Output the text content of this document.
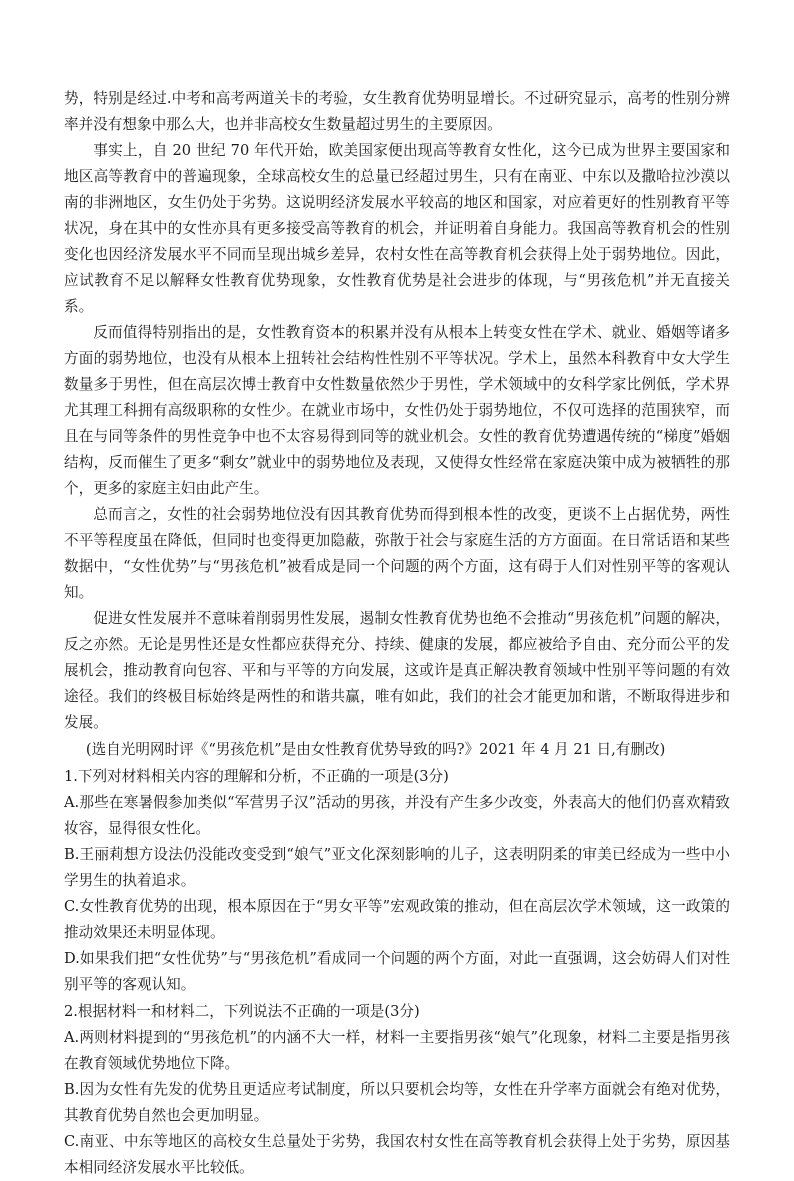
势，特别是经过.中考和高考两道关卡的考验，女生教育优势明显增长。不过研究显示，高考的性别分辨率并没有想象中那么大，也并非高校女生数量超过男生的主要原因。

事实上，自 20 世纪 70 年代开始，欧美国家便出现高等教育女性化，这今已成为世界主要国家和地区高等教育中的普遍现象，全球高校女生的总量已经超过男生，只有在南亚、中东以及撒哈拉沙漠以南的非洲地区，女生仍处于劣势。这说明经济发展水平较高的地区和国家，对应着更好的性别教育平等状况，身在其中的女性亦具有更多接受高等教育的机会，并证明着自身能力。我国高等教育机会的性别变化也因经济发展水平不同而呈现出城乡差异，农村女性在高等教育机会获得上处于弱势地位。因此，应试教育不足以解释女性教育优势现象，女性教育优势是社会进步的体现，与“男孩危机”并无直接关系。

反而值得特别指出的是，女性教育资本的积累并没有从根本上转变女性在学术、就业、婚姻等诸多方面的弱势地位，也没有从根本上扭转社会结构性性别不平等状况。学术上，虽然本科教育中女大学生数量多于男性，但在高层次博士教育中女性数量依然少于男性，学术领域中的女科学家比例低，学术界尤其理工科拥有高级职称的女性少。在就业市场中，女性仍处于弱势地位，不仅可选择的范围狭窄，而且在与同等条件的男性竞争中也不太容易得到同等的就业机会。女性的教育优势遭遇传统的“梯度”婚姻结构，反而催生了更多“剩女”就业中的弱势地位及表现，又使得女性经常在家庭决策中成为被牺牲的那个，更多的家庭主妇由此产生。

总而言之，女性的社会弱势地位没有因其教育优势而得到根本性的改变，更谈不上占据优势，两性不平等程度虽在降低，但同时也变得更加隐蔽，弥散于社会与家庭生活的方方面面。在日常话语和某些数据中，“女性优势”与“男孩危机”被看成是同一个问题的两个方面，这有碍于人们对性别平等的客观认知。

促进女性发展并不意味着削弱男性发展，遏制女性教育优势也绝不会推动“男孩危机”问题的解决，反之亦然。无论是男性还是女性都应获得充分、持续、健康的发展，都应被给予自由、充分而公平的发展机会，推动教育向包容、平和与平等的方向发展，这或许是真正解决教育领域中性别平等问题的有效途径。我们的终极目标始终是两性的和谐共赢，唯有如此，我们的社会才能更加和谐，不断取得进步和发展。

(选自光明网时评《“男孩危机”是由女性教育优势导致的吗?》2021 年 4 月 21 日,有删改)

1.下列对材料相关内容的理解和分析，不正确的一项是(3分)

A.那些在寒暑假参加类似“军营男子汉”活动的男孩，并没有产生多少改变，外表高大的他们仍喜欢精致妆容，显得很女性化。

B.王丽莉想方设法仍没能改变受到“娘气”亚文化深刻影响的儿子，这表明阴柔的审美已经成为一些中小学男生的执着追求。

C.女性教育优势的出现，根本原因在于“男女平等”宏观政策的推动，但在高层次学术领域，这一政策的推动效果还未明显体现。

D.如果我们把“女性优势”与“男孩危机”看成同一个问题的两个方面，对此一直强调，这会妨碍人们对性别平等的客观认知。

2.根据材料一和材料二，下列说法不正确的一项是(3分)

A.两则材料提到的“男孩危机”的内涵不大一样，材料一主要指男孩“娘气”化现象，材料二主要是指男孩在教育领域优势地位下降。

B.因为女性有先发的优势且更适应考试制度，所以只要机会均等，女性在升学率方面就会有绝对优势，其教育优势自然也会更加明显。

C.南亚、中东等地区的高校女生总量处于劣势，我国农村女性在高等教育机会获得上处于劣势，原因基本相同经济发展水平比较低。
